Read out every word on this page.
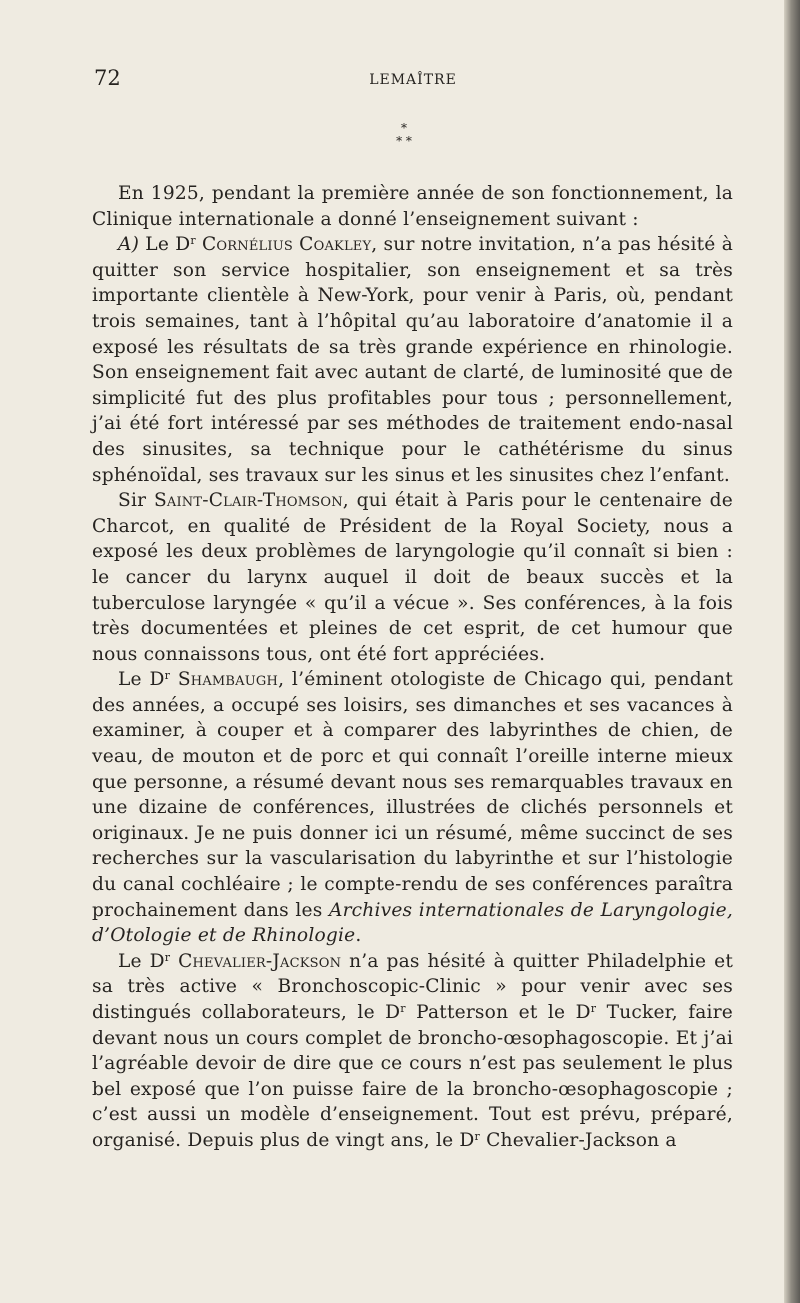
72	LEMAÎTRE
*
* *

En 1925, pendant la première année de son fonctionnement, la Clinique internationale a donné l’enseignement suivant :

A) Le $D^r$ Cornélius Coakley, sur notre invitation, n’a pas hésité à quitter son service hospitalier, son enseignement et sa très importante clientèle à New-York, pour venir à Paris, où, pendant trois semaines, tant à l’hôpital qu’au laboratoire d’anatomie il a exposé les résultats de sa très grande expérience en rhinologie. Son enseignement fait avec autant de clarté, de luminosité que de simplicité fut des plus profitables pour tous ; personnellement, j’ai été fort intéressé par ses méthodes de traitement endo-nasal des sinusites, sa technique pour le cathétérisme du sinus sphénoïdal, ses travaux sur les sinus et les sinusites chez l’enfant.

Sir Saint-Clair-Thomson, qui était à Paris pour le centenaire de Charcot, en qualité de Président de la Royal Society, nous a exposé les deux problèmes de laryngologie qu’il connaît si bien : le cancer du larynx auquel il doit de beaux succès et la tuberculose laryngée « qu’il a vécue ». Ses conférences, à la fois très documentées et pleines de cet esprit, de cet humour que nous connaissons tous, ont été fort appréciées.

Le $D^r$ Shambaugh, l’éminent otologiste de Chicago qui, pendant des années, a occupé ses loisirs, ses dimanches et ses vacances à examiner, à couper et à comparer des labyrinthes de chien, de veau, de mouton et de porc et qui connaît l’oreille interne mieux que personne, a résumé devant nous ses remarquables travaux en une dizaine de conférences, illustrées de clichés personnels et originaux. Je ne puis donner ici un résumé, même succinct de ses recherches sur la vascularisation du labyrinthe et sur l’histologie du canal cochléaire ; le compte-rendu de ses conférences paraîtra prochainement dans les Archives internationales de Laryngologie, d’Otologie et de Rhinologie.

Le $D^r$ Chevalier-Jackson n’a pas hésité à quitter Philadelphie et sa très active « Bronchoscopic-Clinic » pour venir avec ses distingués collaborateurs, le $D^r$ Patterson et le $D^r$ Tucker, faire devant nous un cours complet de broncho-œsophagoscopie. Et j’ai l’agréable devoir de dire que ce cours n’est pas seulement le plus bel exposé que l’on puisse faire de la broncho-œsophagoscopie ; c’est aussi un modèle d’enseignement. Tout est prévu, préparé, organisé. Depuis plus de vingt ans, le $D^r$ Chevalier-Jackson a
